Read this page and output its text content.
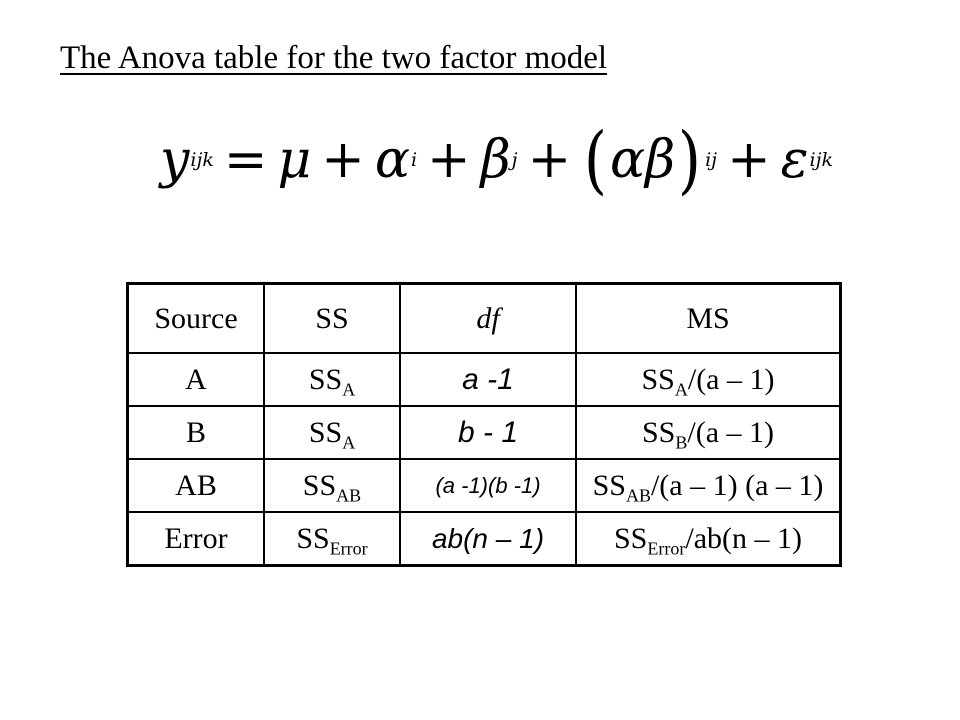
The Anova table for the two factor model
y ijk = μ + α i + β j + ( αβ ) ij + ε ijk
Source	SS	df	MS
A	$SS_A$	a -1	$SS_A/(a - 1)$
B	$SS_A$	b - 1	$SS_B/(a - 1)$
AB	$SS_{AB}$	(a -1)(b -1)	$SS_{AB}/(a - 1)$ (a – 1)
Error	$SS_{Error}$	ab(n – 1)	$SS_{Error}/ab(n - 1)$
